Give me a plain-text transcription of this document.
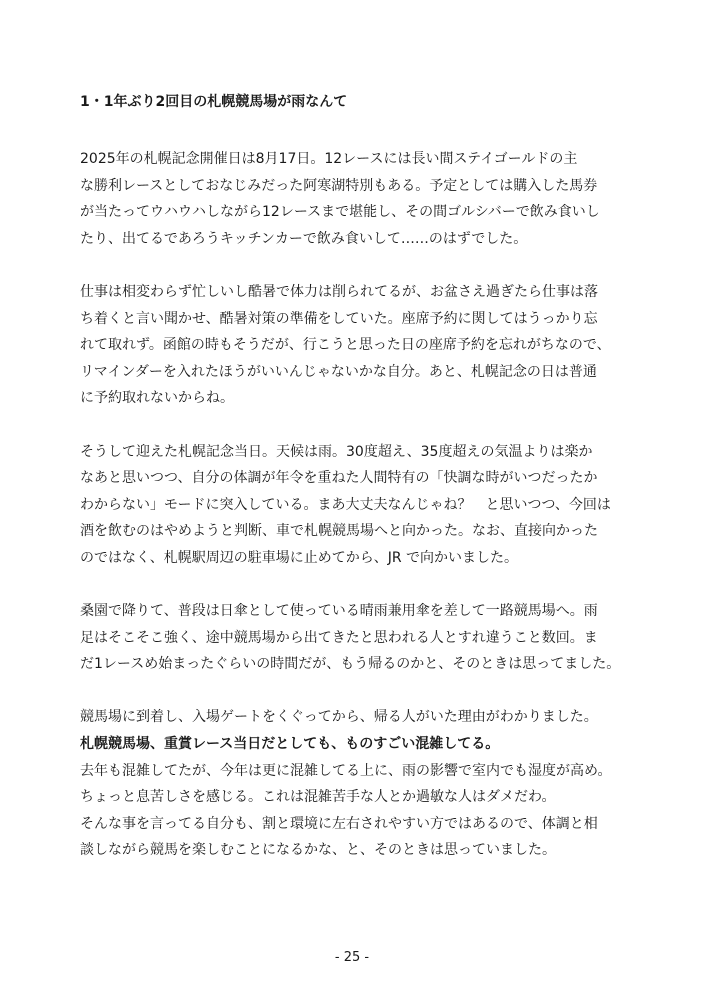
1・1年ぶり2回目の札幌競馬場が雨なんて
2025年の札幌記念開催日は8月17日。12レースには長い間ステイゴールドの主
な勝利レースとしておなじみだった阿寒湖特別もある。予定としては購入した馬券
が当たってウハウハしながら12レースまで堪能し、その間ゴルシバーで飲み食いし
たり、出てるであろうキッチンカーで飲み食いして……のはずでした。
仕事は相変わらず忙しいし酷暑で体力は削られてるが、お盆さえ過ぎたら仕事は落
ち着くと言い聞かせ、酷暑対策の準備をしていた。座席予約に関してはうっかり忘
れて取れず。函館の時もそうだが、行こうと思った日の座席予約を忘れがちなので、
リマインダーを入れたほうがいいんじゃないかな自分。あと、札幌記念の日は普通
に予約取れないからね。
そうして迎えた札幌記念当日。天候は雨。30度超え、35度超えの気温よりは楽か
なあと思いつつ、自分の体調が年令を重ねた人間特有の「快調な時がいつだったか
わからない」モードに突入している。まあ大丈夫なんじゃね？　と思いつつ、今回は
酒を飲むのはやめようと判断、車で札幌競馬場へと向かった。なお、直接向かった
のではなく、札幌駅周辺の駐車場に止めてから、JR で向かいました。
桑園で降りて、普段は日傘として使っている晴雨兼用傘を差して一路競馬場へ。雨
足はそこそこ強く、途中競馬場から出てきたと思われる人とすれ違うこと数回。ま
だ1レースめ始まったぐらいの時間だが、もう帰るのかと、そのときは思ってました。
競馬場に到着し、入場ゲートをくぐってから、帰る人がいた理由がわかりました。
札幌競馬場、重賞レース当日だとしても、ものすごい混雑してる。
去年も混雑してたが、今年は更に混雑してる上に、雨の影響で室内でも湿度が高め。
ちょっと息苦しさを感じる。これは混雑苦手な人とか過敏な人はダメだわ。
そんな事を言ってる自分も、割と環境に左右されやすい方ではあるので、体調と相
談しながら競馬を楽しむことになるかな、と、そのときは思っていました。
- 25 -
